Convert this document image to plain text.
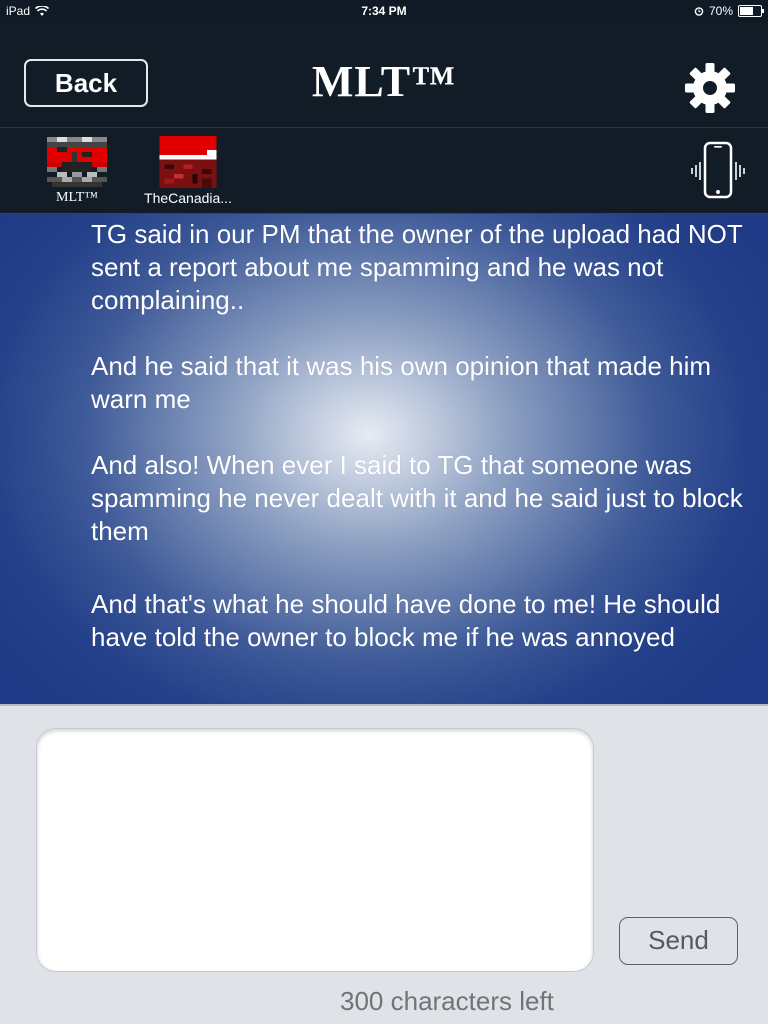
iPad	7:34 PM	70%
Back	MLT™
MLT™	TheCanadia...

TG said in our PM that the owner of the upload had NOT sent a report about me spamming and he was not complaining..

And he said that it was his own opinion that made him warn me

And also! When ever I said to TG that someone was spamming he never dealt with it and he said just to block them

And that's what he should have done to me! He should have told the owner to block me if he was annoyed

Send
300 characters left
